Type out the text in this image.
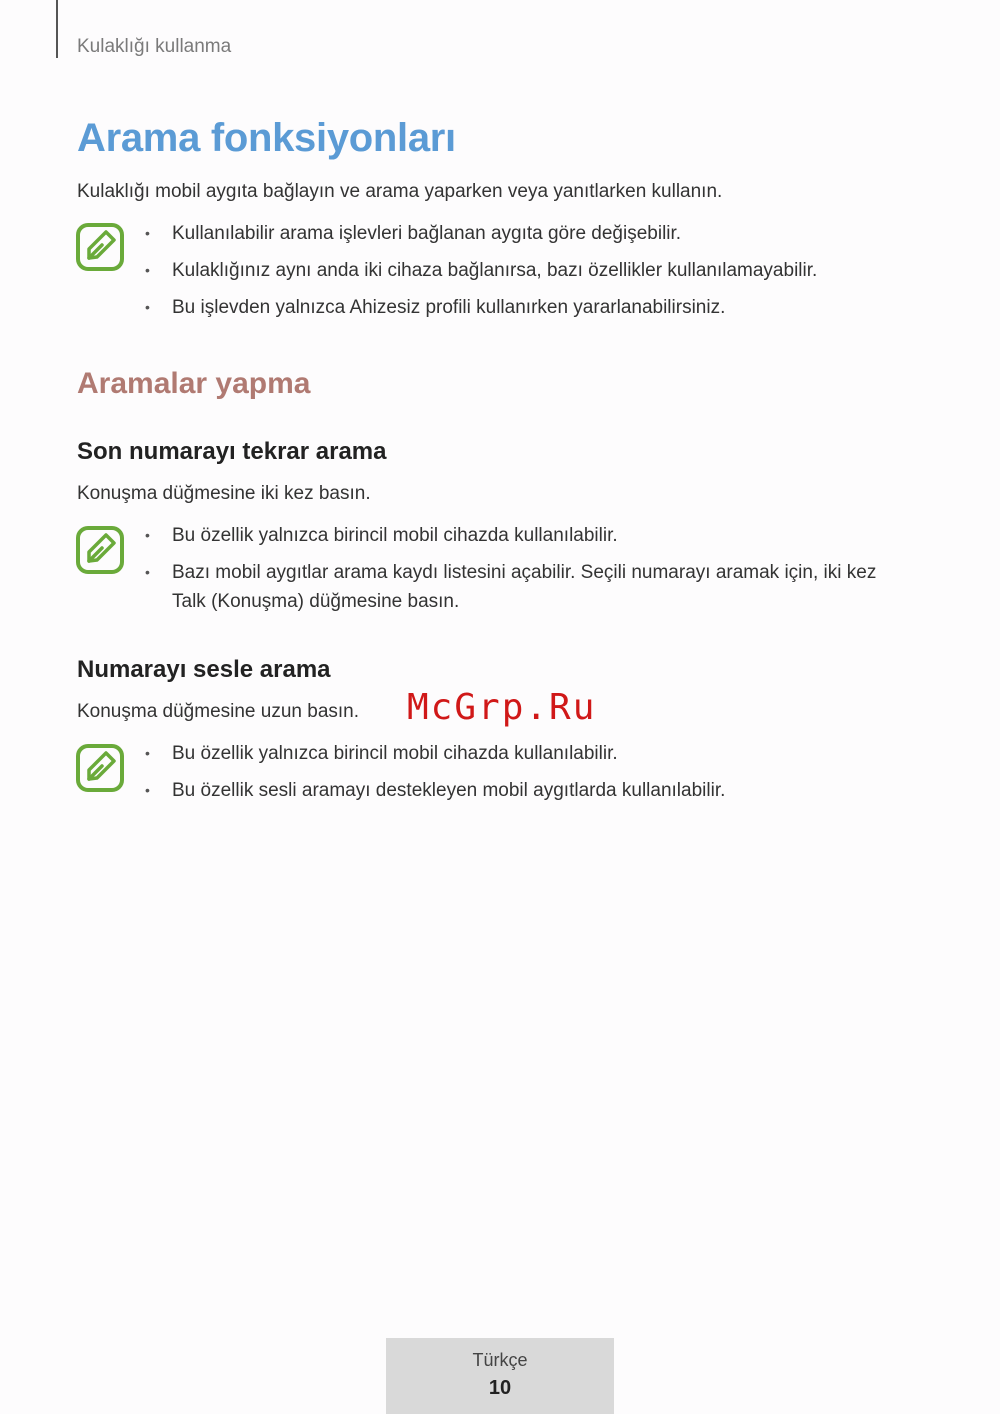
Kulaklığı kullanma
Arama fonksiyonları
Kulaklığı mobil aygıta bağlayın ve arama yaparken veya yanıtlarken kullanın.
• Kullanılabilir arama işlevleri bağlanan aygıta göre değişebilir.
• Kulaklığınız aynı anda iki cihaza bağlanırsa, bazı özellikler kullanılamayabilir.
• Bu işlevden yalnızca Ahizesiz profili kullanırken yararlanabilirsiniz.
Aramalar yapma
Son numarayı tekrar arama
Konuşma düğmesine iki kez basın.
• Bu özellik yalnızca birincil mobil cihazda kullanılabilir.
• Bazı mobil aygıtlar arama kaydı listesini açabilir. Seçili numarayı aramak için, iki kez Talk (Konuşma) düğmesine basın.
Numarayı sesle arama
Konuşma düğmesine uzun basın.
• Bu özellik yalnızca birincil mobil cihazda kullanılabilir.
• Bu özellik sesli aramayı destekleyen mobil aygıtlarda kullanılabilir.
McGrp.Ru
Türkçe
10
